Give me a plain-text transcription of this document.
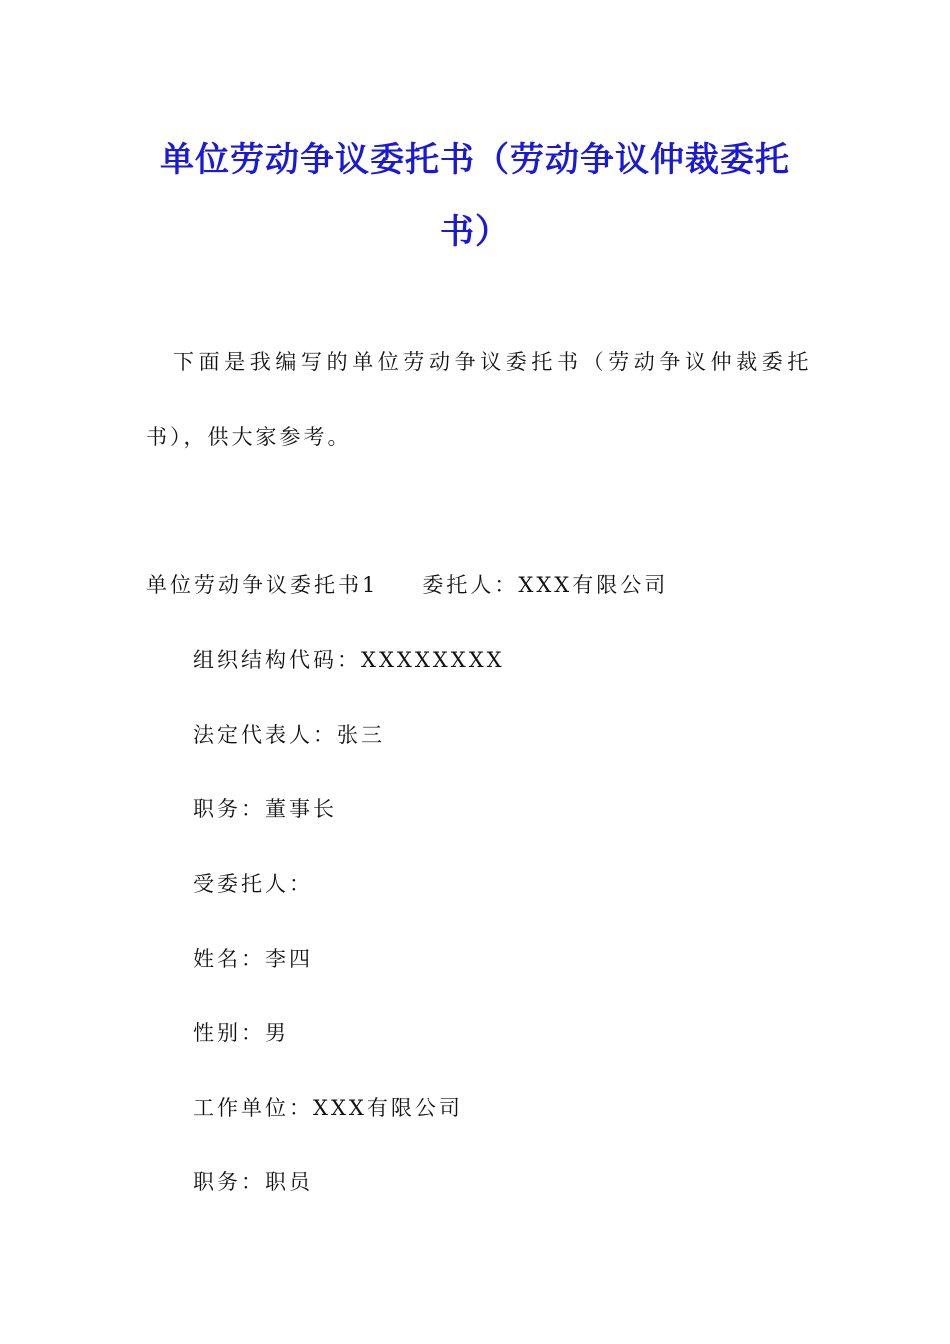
单位劳动争议委托书（劳动争议仲裁委托
书）
下面是我编写的单位劳动争议委托书（劳动争议仲裁委托
书），供大家参考。
单位劳动争议委托书1 委托人：XXX有限公司
组织结构代码：XXXXXXXX
法定代表人：张三
职务：董事长
受委托人：
姓名：李四
性别：男
工作单位：XXX有限公司
职务：职员
